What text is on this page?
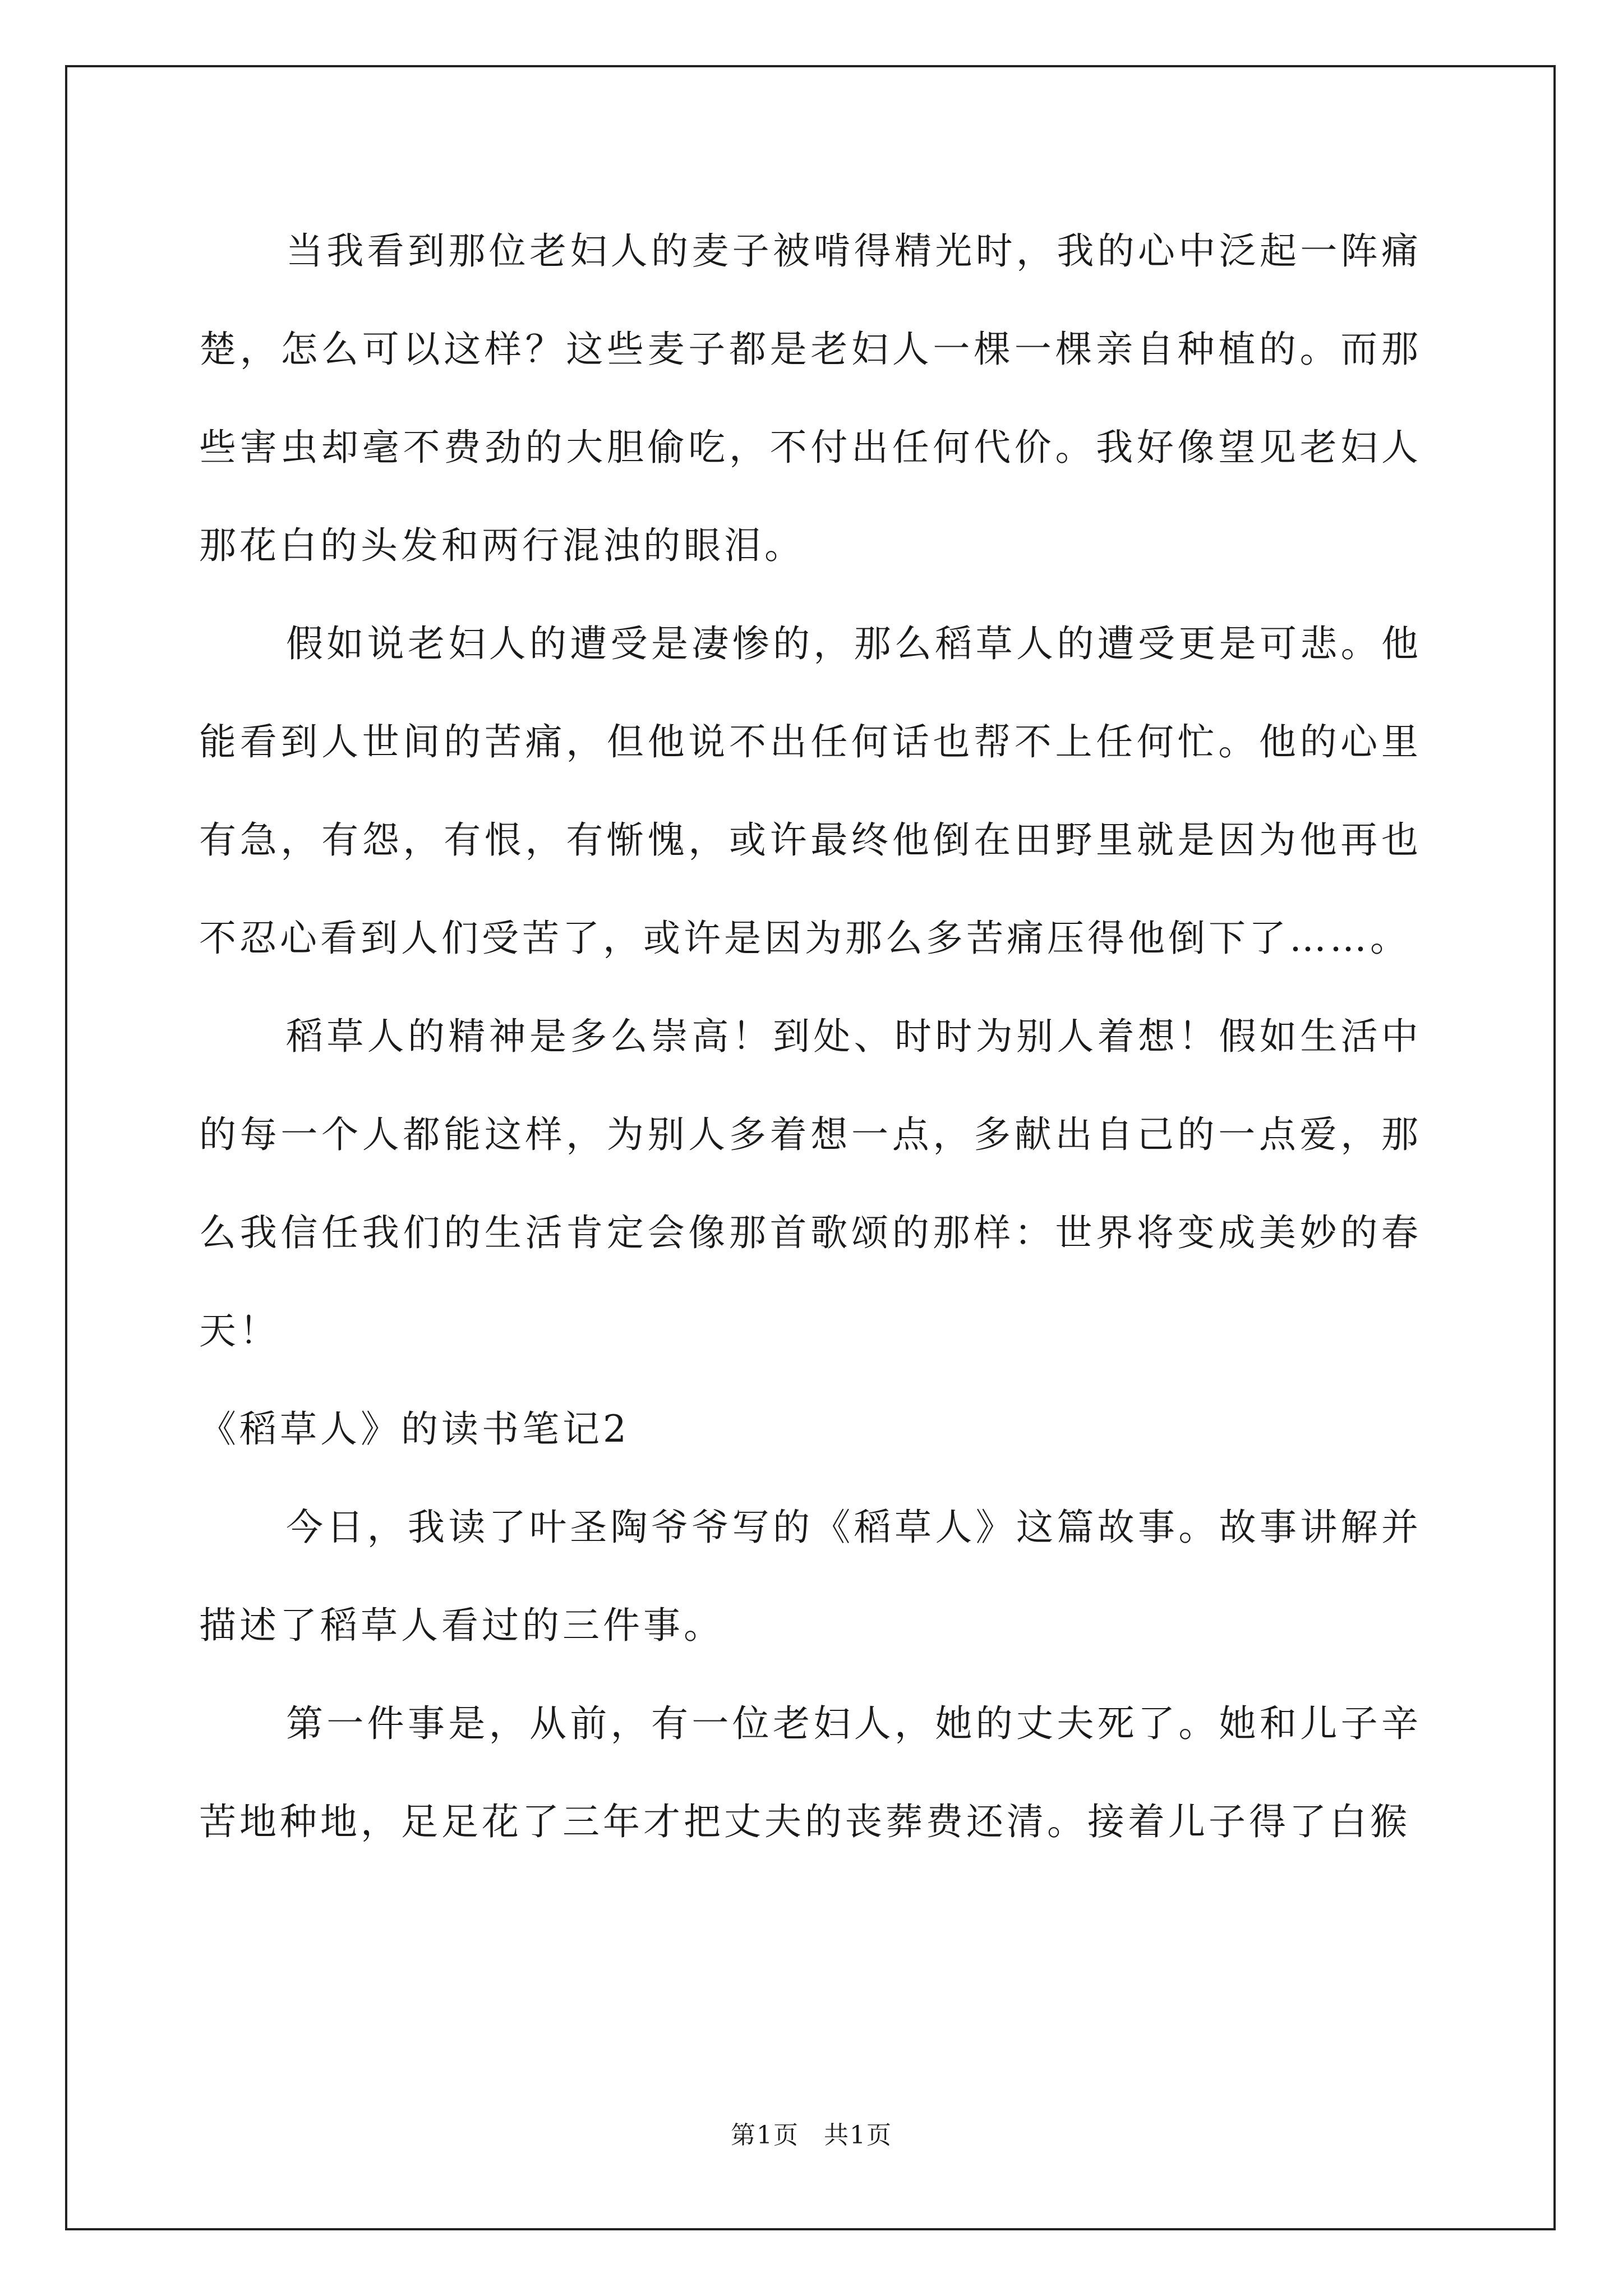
当我看到那位老妇人的麦子被啃得精光时，我的心中泛起一阵痛楚，怎么可以这样？这些麦子都是老妇人一棵一棵亲自种植的。而那些害虫却毫不费劲的大胆偷吃，不付出任何代价。我好像望见老妇人那花白的头发和两行混浊的眼泪。

假如说老妇人的遭受是凄惨的，那么稻草人的遭受更是可悲。他能看到人世间的苦痛，但他说不出任何话也帮不上任何忙。他的心里有急，有怨，有恨，有惭愧，或许最终他倒在田野里就是因为他再也不忍心看到人们受苦了，或许是因为那么多苦痛压得他倒下了……。

稻草人的精神是多么崇高！到处、时时为别人着想！假如生活中的每一个人都能这样，为别人多着想一点，多献出自己的一点爱，那么我信任我们的生活肯定会像那首歌颂的那样：世界将变成美妙的春天！

《稻草人》的读书笔记2

今日，我读了叶圣陶爷爷写的《稻草人》这篇故事。故事讲解并描述了稻草人看过的三件事。

第一件事是，从前，有一位老妇人，她的丈夫死了。她和儿子辛苦地种地，足足花了三年才把丈夫的丧葬费还清。接着儿子得了白猴

第1页 共1页
